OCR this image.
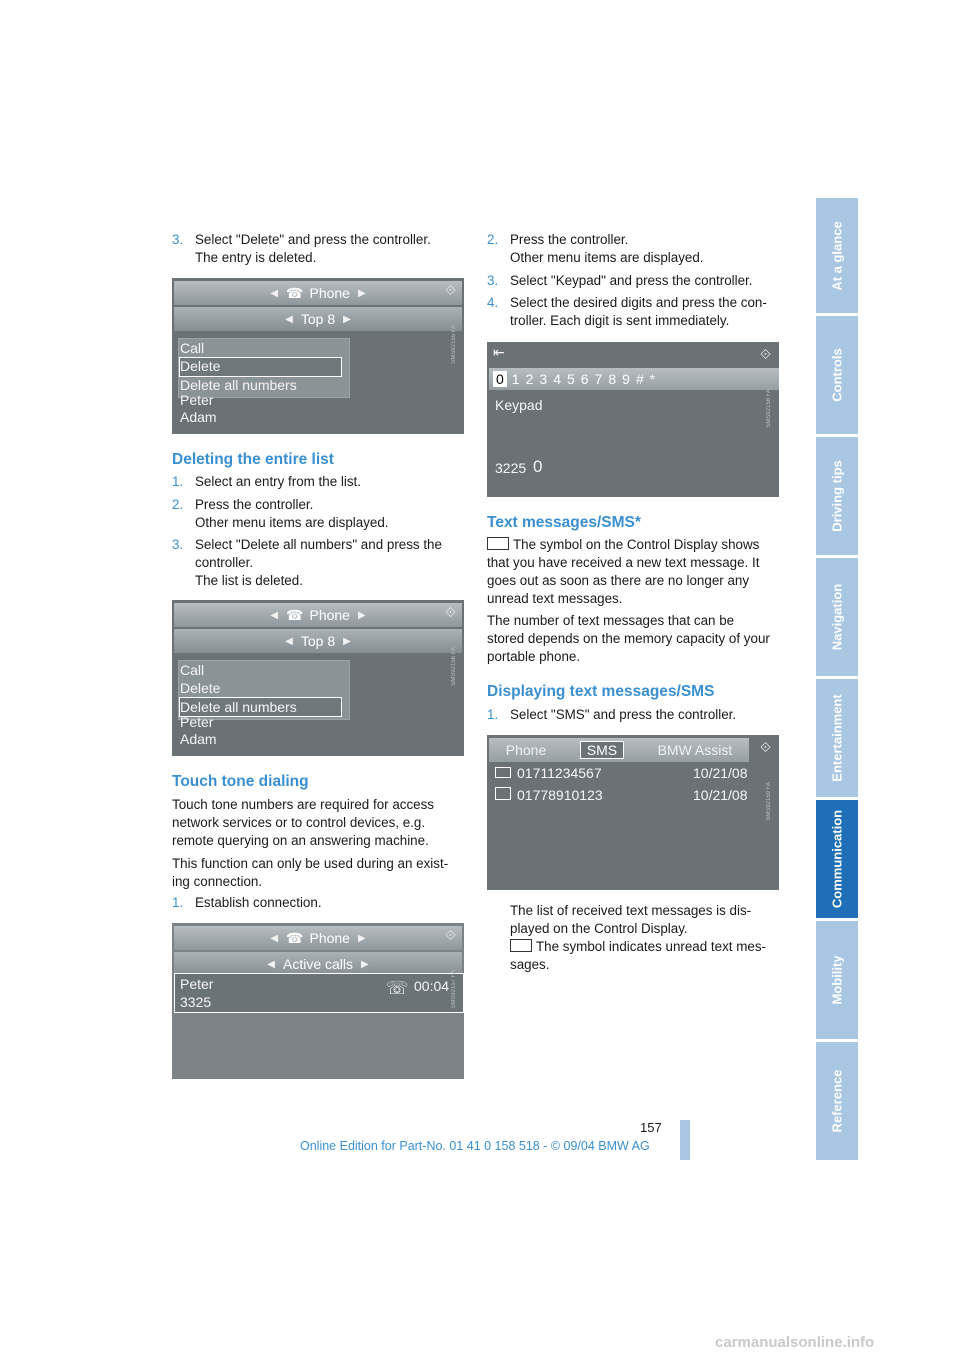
3. Select "Delete" and press the controller.

The entry is deleted.

◀ ☎ Phone ▶	⟐
◀ Top 8 ▶
Call
Delete
Delete all numbers
Peter
Adam
SMS92155 FA
Deleting the entire list
1. Select an entry from the list.

2. Press the controller.

Other menu items are displayed.

3. Select "Delete all numbers" and press the

controller.

The list is deleted.

◀ ☎ Phone ▶	⟐
◀ Top 8 ▶
Call
Delete
Delete all numbers
Peter
Adam
SMS92156 FA
Touch tone dialing

Touch tone numbers are required for access

network services or to control devices, e.g.

remote querying on an answering machine.

This function can only be used during an exist-

ing connection.

1. Establish connection.

◀ ☎ Phone ▶	⟐
◀ Active calls ▶
Peter
3325
☏ 00:04 SMS92157 FA
2. Press the controller.

Other menu items are displayed.

3. Select "Keypad" and press the controller.

4. Select the desired digits and press the con-

troller. Each digit is sent immediately.

⇤	⟐
0 1 2 3 4 5 6 7 8 9 # *
Keypad
3225 0
SMS92158 FA
Text messages/SMS*

The symbol on the Control Display shows

that you have received a new text message. It

goes out as soon as there are no longer any

unread text messages.

The number of text messages that can be

stored depends on the memory capacity of your

portable phone.

Displaying text messages/SMS
1. Select "SMS" and press the controller.

Phone	SMS	BMW Assist ⟐
01711234567	10/21/08
01778910123	10/21/08	SMS92159 FA

The list of received text messages is dis-

played on the Control Display.

The symbol indicates unread text mes-

sages.

At a glance
Controls
Driving tips
Navigation
Entertainment
Communication
Mobility
Reference
157
Online Edition for Part-No. 01 41 0 158 518 - © 09/04 BMW AG
carmanualsonline.info
